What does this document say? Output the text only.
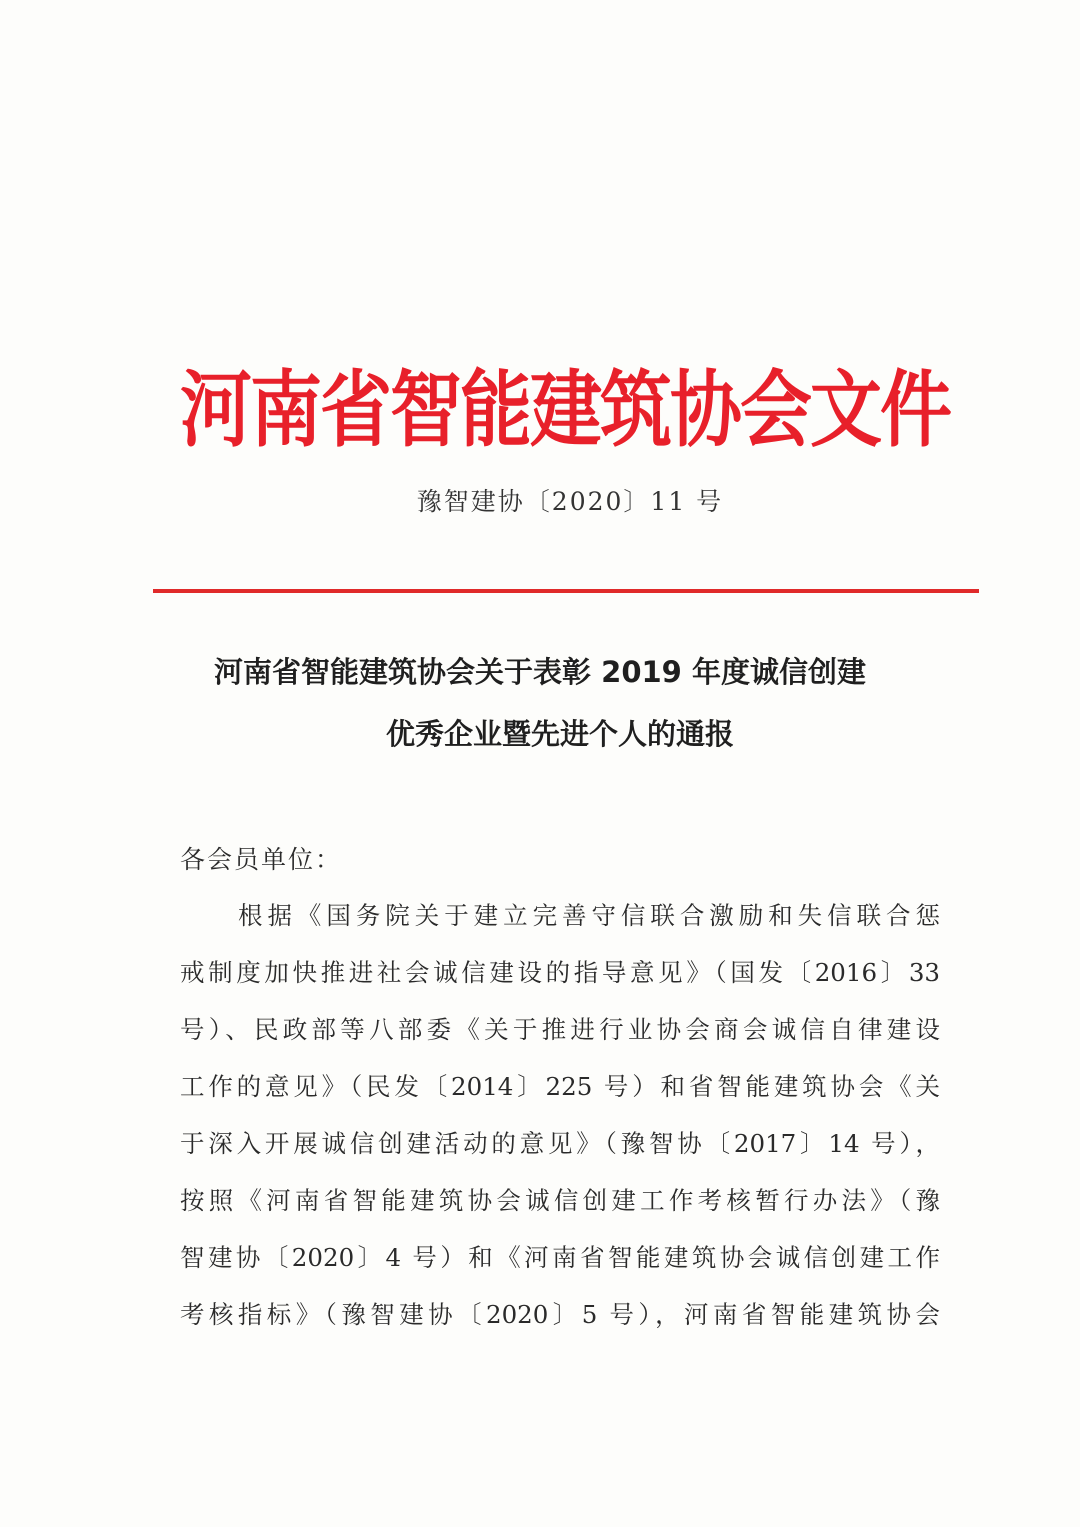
河南省智能建筑协会文件
豫智建协〔2020〕11 号
河南省智能建筑协会关于表彰 2019 年度诚信创建
优秀企业暨先进个人的通报
各会员单位：
根据《国务院关于建立完善守信联合激励和失信联合惩
戒制度加快推进社会诚信建设的指导意见》（国发〔2016〕33
号）、民政部等八部委《关于推进行业协会商会诚信自律建设
工作的意见》（民发〔2014〕225 号）和省智能建筑协会《关
于深入开展诚信创建活动的意见》（豫智协〔2017〕14 号），
按照《河南省智能建筑协会诚信创建工作考核暂行办法》（豫
智建协〔2020〕4 号）和《河南省智能建筑协会诚信创建工作
考核指标》（豫智建协〔2020〕5 号），河南省智能建筑协会
